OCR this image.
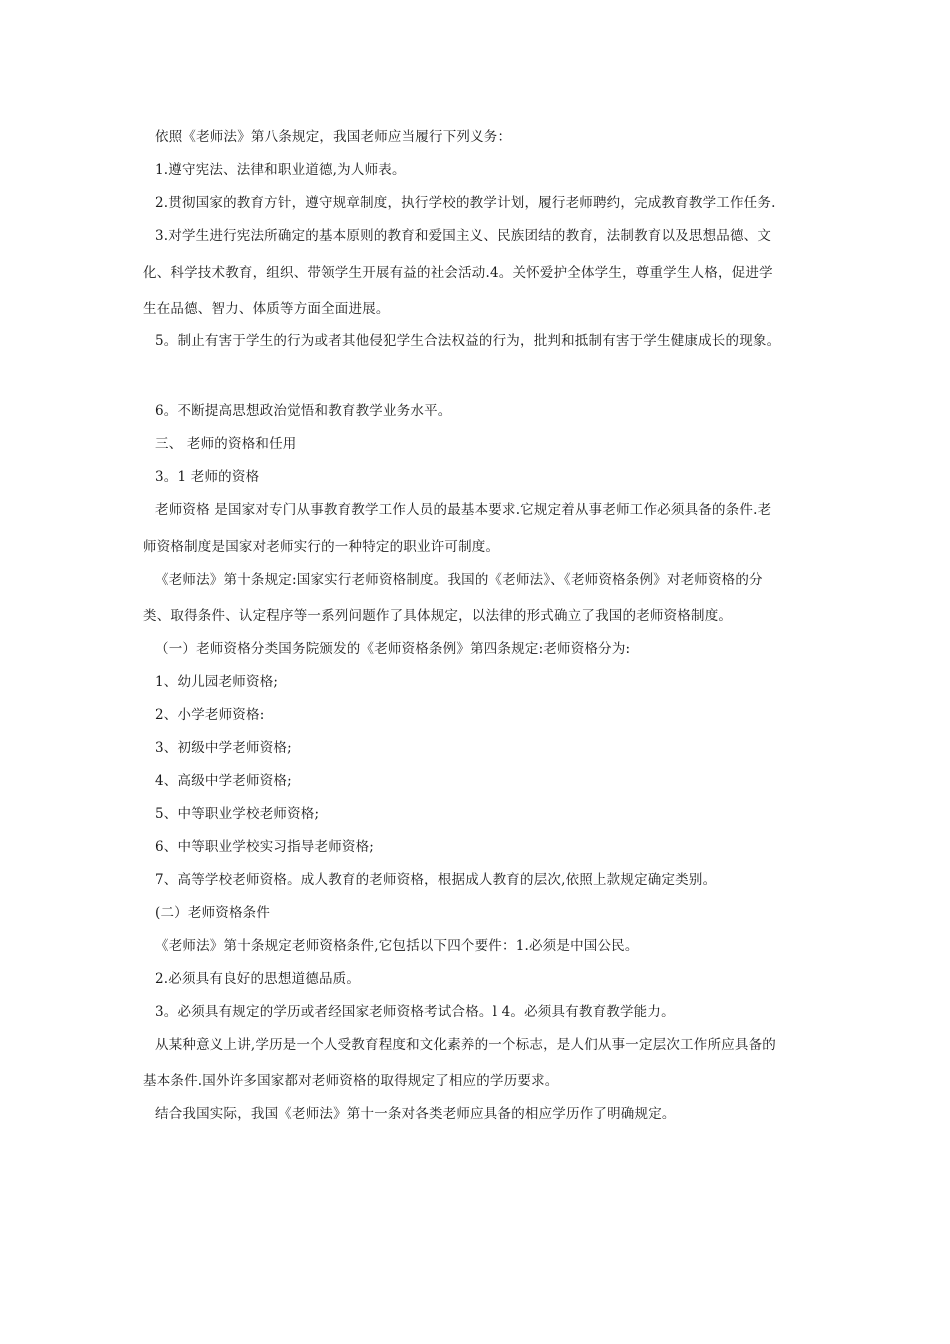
依照《老师法》第八条规定，我国老师应当履行下列义务：
1.遵守宪法、法律和职业道德,为人师表。
2.贯彻国家的教育方针，遵守规章制度，执行学校的教学计划，履行老师聘约，完成教育教学工作任务.
3.对学生进行宪法所确定的基本原则的教育和爱国主义、民族团结的教育，法制教育以及思想品德、文
化、科学技术教育，组织、带领学生开展有益的社会活动.4。关怀爱护全体学生，尊重学生人格，促进学
生在品德、智力、体质等方面全面进展。
5。制止有害于学生的行为或者其他侵犯学生合法权益的行为，批判和抵制有害于学生健康成长的现象。
6。不断提高思想政治觉悟和教育教学业务水平。
三、 老师的资格和任用
3。1 老师的资格
老师资格 是国家对专门从事教育教学工作人员的最基本要求.它规定着从事老师工作必须具备的条件.老
师资格制度是国家对老师实行的一种特定的职业许可制度。
《老师法》第十条规定:国家实行老师资格制度。我国的《老师法》、《老师资格条例》对老师资格的分
类、取得条件、认定程序等一系列问题作了具体规定，以法律的形式确立了我国的老师资格制度。
（一）老师资格分类国务院颁发的《老师资格条例》第四条规定:老师资格分为:
1、幼儿园老师资格;
2、小学老师资格:
3、初级中学老师资格;
4、高级中学老师资格;
5、中等职业学校老师资格;
6、中等职业学校实习指导老师资格;
7、高等学校老师资格。成人教育的老师资格，根据成人教育的层次,依照上款规定确定类别。
(二）老师资格条件
《老师法》第十条规定老师资格条件,它包括以下四个要件：1.必须是中国公民。
2.必须具有良好的思想道德品质。
3。必须具有规定的学历或者经国家老师资格考试合格。l 4。必须具有教育教学能力。
从某种意义上讲,学历是一个人受教育程度和文化素养的一个标志，是人们从事一定层次工作所应具备的
基本条件.国外许多国家都对老师资格的取得规定了相应的学历要求。
结合我国实际，我国《老师法》第十一条对各类老师应具备的相应学历作了明确规定。
